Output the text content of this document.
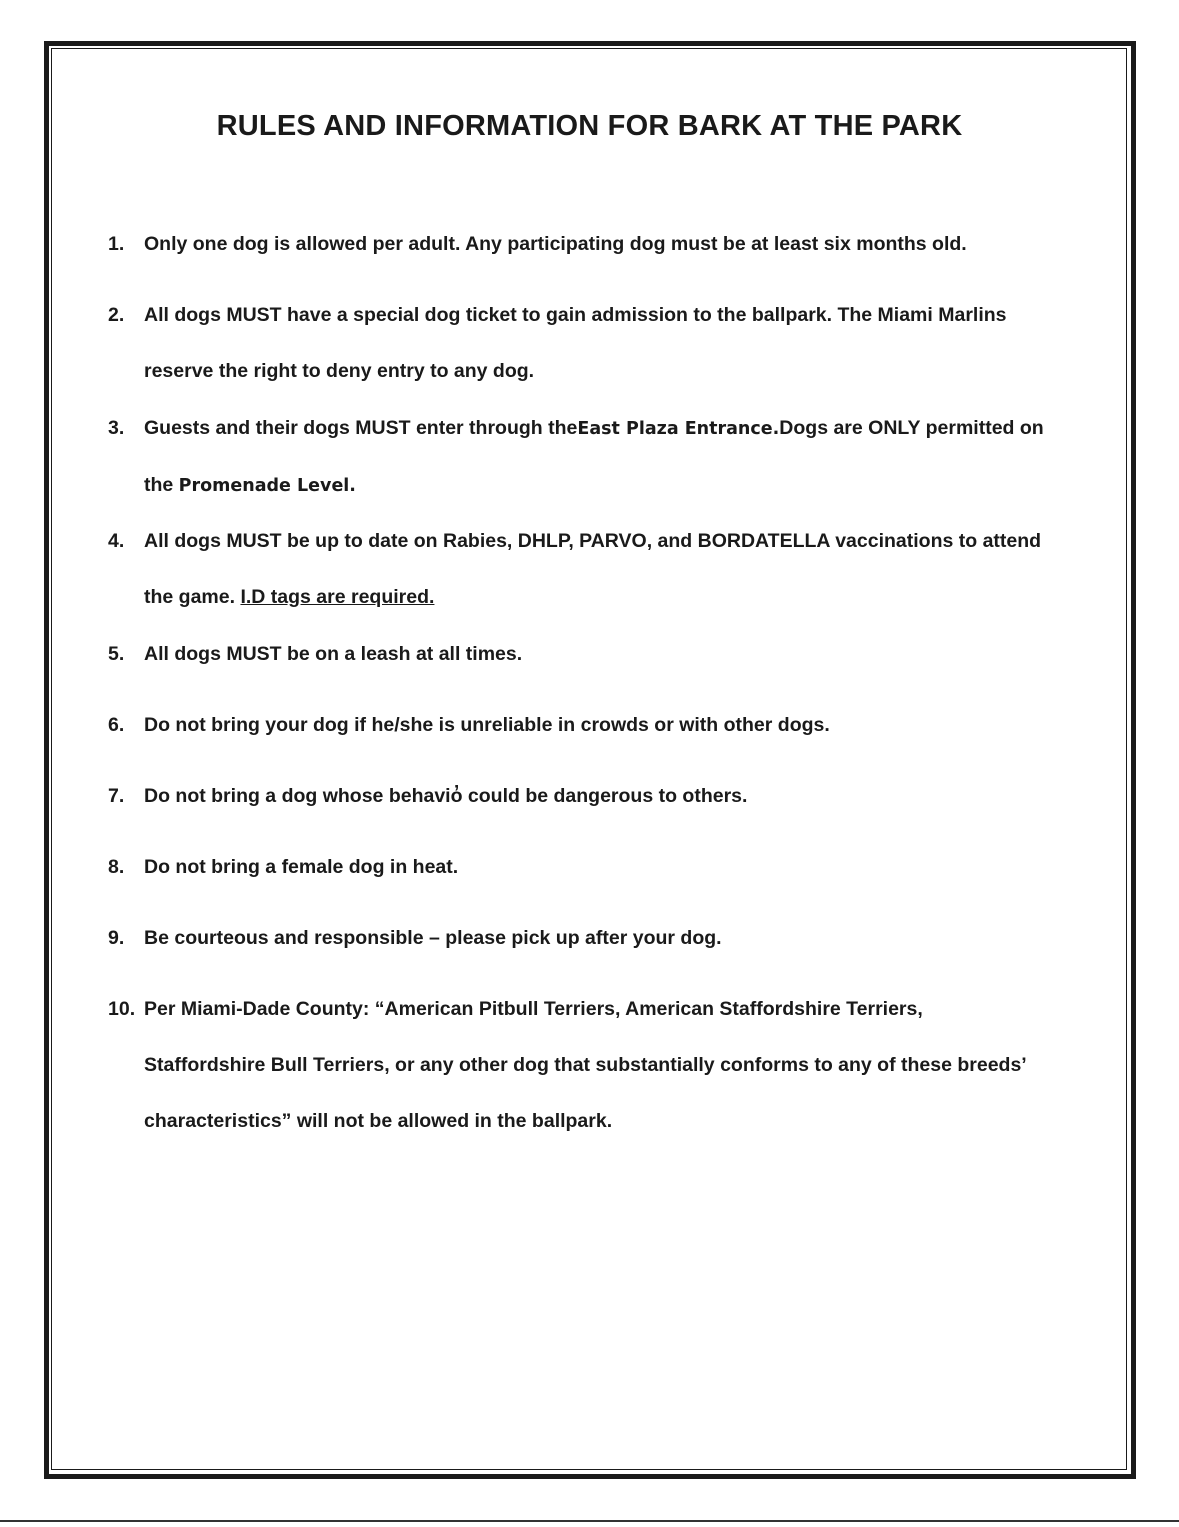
RULES AND INFORMATION FOR BARK AT THE PARK
1.	Only one dog is allowed per adult. Any participating dog must be at least six months old.
2.	All dogs MUST have a special dog ticket to gain admission to the ballpark. The Miami Marlins
reserve the right to deny entry to any dog.
3.	Guests and their dogs MUST enter through theEast Plaza Entrance.Dogs are ONLY permitted on
the Promenade Level.
4.	All dogs MUST be up to date on Rabies, DHLP, PARVO, and BORDATELLA vaccinations to attend
the game. I.D tags are required.
5.	All dogs MUST be on a leash at all times.
6.	Do not bring your dog if he/she is unreliable in crowds or with other dogs.
7.	Do not bring a dog whose behavio̓ could be dangerous to others.
8.	Do not bring a female dog in heat.
9.	Be courteous and responsible – please pick up after your dog.
10. Per Miami-Dade County: “American Pitbull Terriers, American Staffordshire Terriers,
Staffordshire Bull Terriers, or any other dog that substantially conforms to any of these breeds’
characteristics” will not be allowed in the ballpark.
